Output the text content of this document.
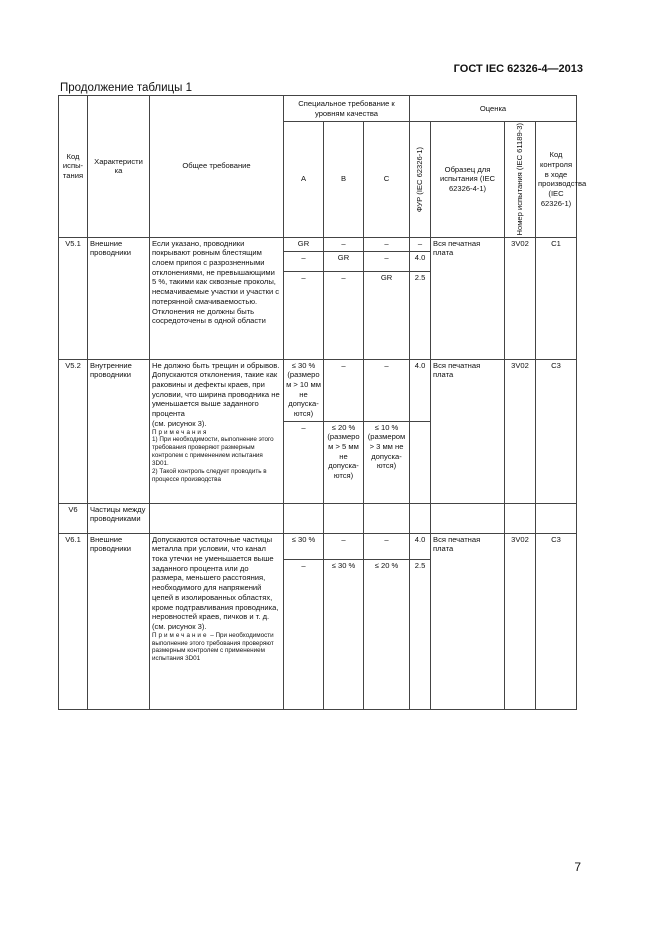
ГОСТ IEC 62326-4—2013
Продолжение таблицы 1
Код испы-тания	Характеристи ка	Общее требование	Специальное требование к уровням качества			Оценка			
			A	B	C	ФУР (IEC 62326-1)	Образец для испытания (IEC 62326-4-1)	Номер испытания (IEC 61189-3)	Код контроля в ходе производства (IEC 62326-1)
V5.1	Внешние проводники	Если указано, проводники покрывают ровным блестящим слоем припоя с разрозненными отклонениями, не превышающими 5 %, такими как сквозные проколы, несмачиваемые участки и участки с потерянной смачиваемостью. Отклонения не должны быть сосредоточены в одной области	GR	–	–	–	Вся печатная плата	3V02	C1
			–	GR	–	4.0			
			–	–	GR	2.5			
V5.2	Внутренние проводники	Не должно быть трещин и обрывов. Допускаются отклонения, такие как раковины и дефекты краев, при условии, что ширина проводника не уменьшается выше заданного процента
(см. рисунок 3).
Примечания
1) При необходимости, выполнение этого требования проверяют размерным контролем с применением испытания 3D01.
2) Такой контроль следует проводить в процессе производства	≤ 30 % (размеро м > 10 мм не допуска-ются)	–	–	4.0	Вся печатная плата	3V02	C3
			–	≤ 20 % (размеро м > 5 мм не допуска-ются)	≤ 10 % (размером > 3 мм не допуска-ются)				
V6	Частицы между проводниками								
V6.1	Внешние проводники	Допускаются остаточные частицы металла при условии, что канал тока утечки не уменьшается выше заданного процента или до размера, меньшего расстояния, необходимого для напряжений цепей в изолированных областях, кроме подтравливания проводника, неровностей краев, пичков и т. д.
(см. рисунок 3).
Примечание – При необходимости выполнение этого требования проверяют размерным контролем с применением испытания 3D01	≤ 30 %	–	–	4.0	Вся печатная плата	3V02	C3
			–	≤ 30 %	≤ 20 %	2.5			
7
